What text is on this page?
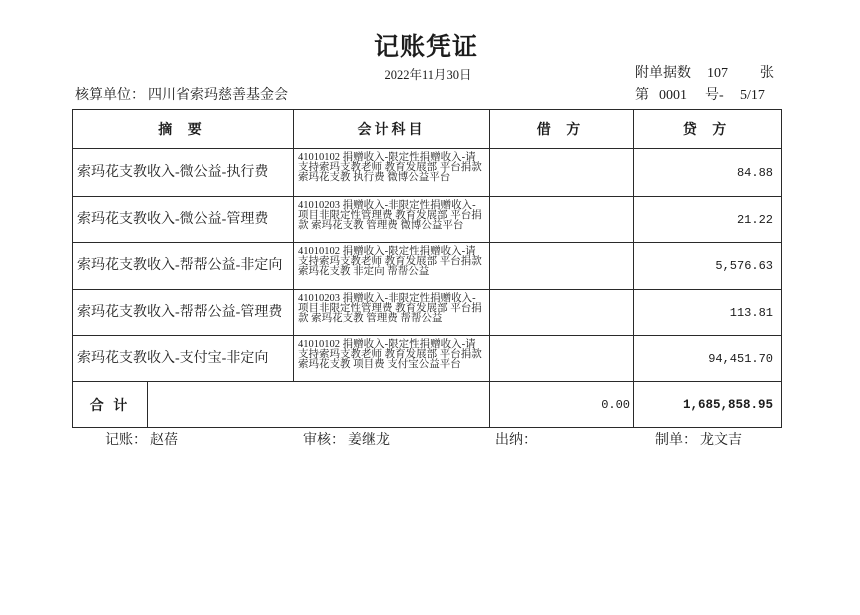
记账凭证
2022年11月30日	附单据数 107 张
核算单位： 四川省索玛慈善基金会	第 0001 号- 5/17
摘 要		会计科目	借 方	贷 方
索玛花支教收入-微公益-执行费		41010102 捐赠收入-限定性捐赠收入-请支持索玛支教老师 教育发展部 平台捐款 索玛花支教 执行费 微博公益平台		84.88
索玛花支教收入-微公益-管理费		41010203 捐赠收入-非限定性捐赠收入-项目非限定性管理费 教育发展部 平台捐款 索玛花支教 管理费 微博公益平台		21.22
索玛花支教收入-帮帮公益-非定向		41010102 捐赠收入-限定性捐赠收入-请支持索玛支教老师 教育发展部 平台捐款 索玛花支教 非定向 帮帮公益		5,576.63
索玛花支教收入-帮帮公益-管理费		41010203 捐赠收入-非限定性捐赠收入-项目非限定性管理费 教育发展部 平台捐款 索玛花支教 管理费 帮帮公益		113.81
索玛花支教收入-支付宝-非定向		41010102 捐赠收入-限定性捐赠收入-请支持索玛支教老师 教育发展部 平台捐款 索玛花支教 项目费 支付宝公益平台		94,451.70
合 计			0.00	1,685,858.95
记账： 赵蓓	审核： 姜继龙	出纳：	制单： 龙文吉
